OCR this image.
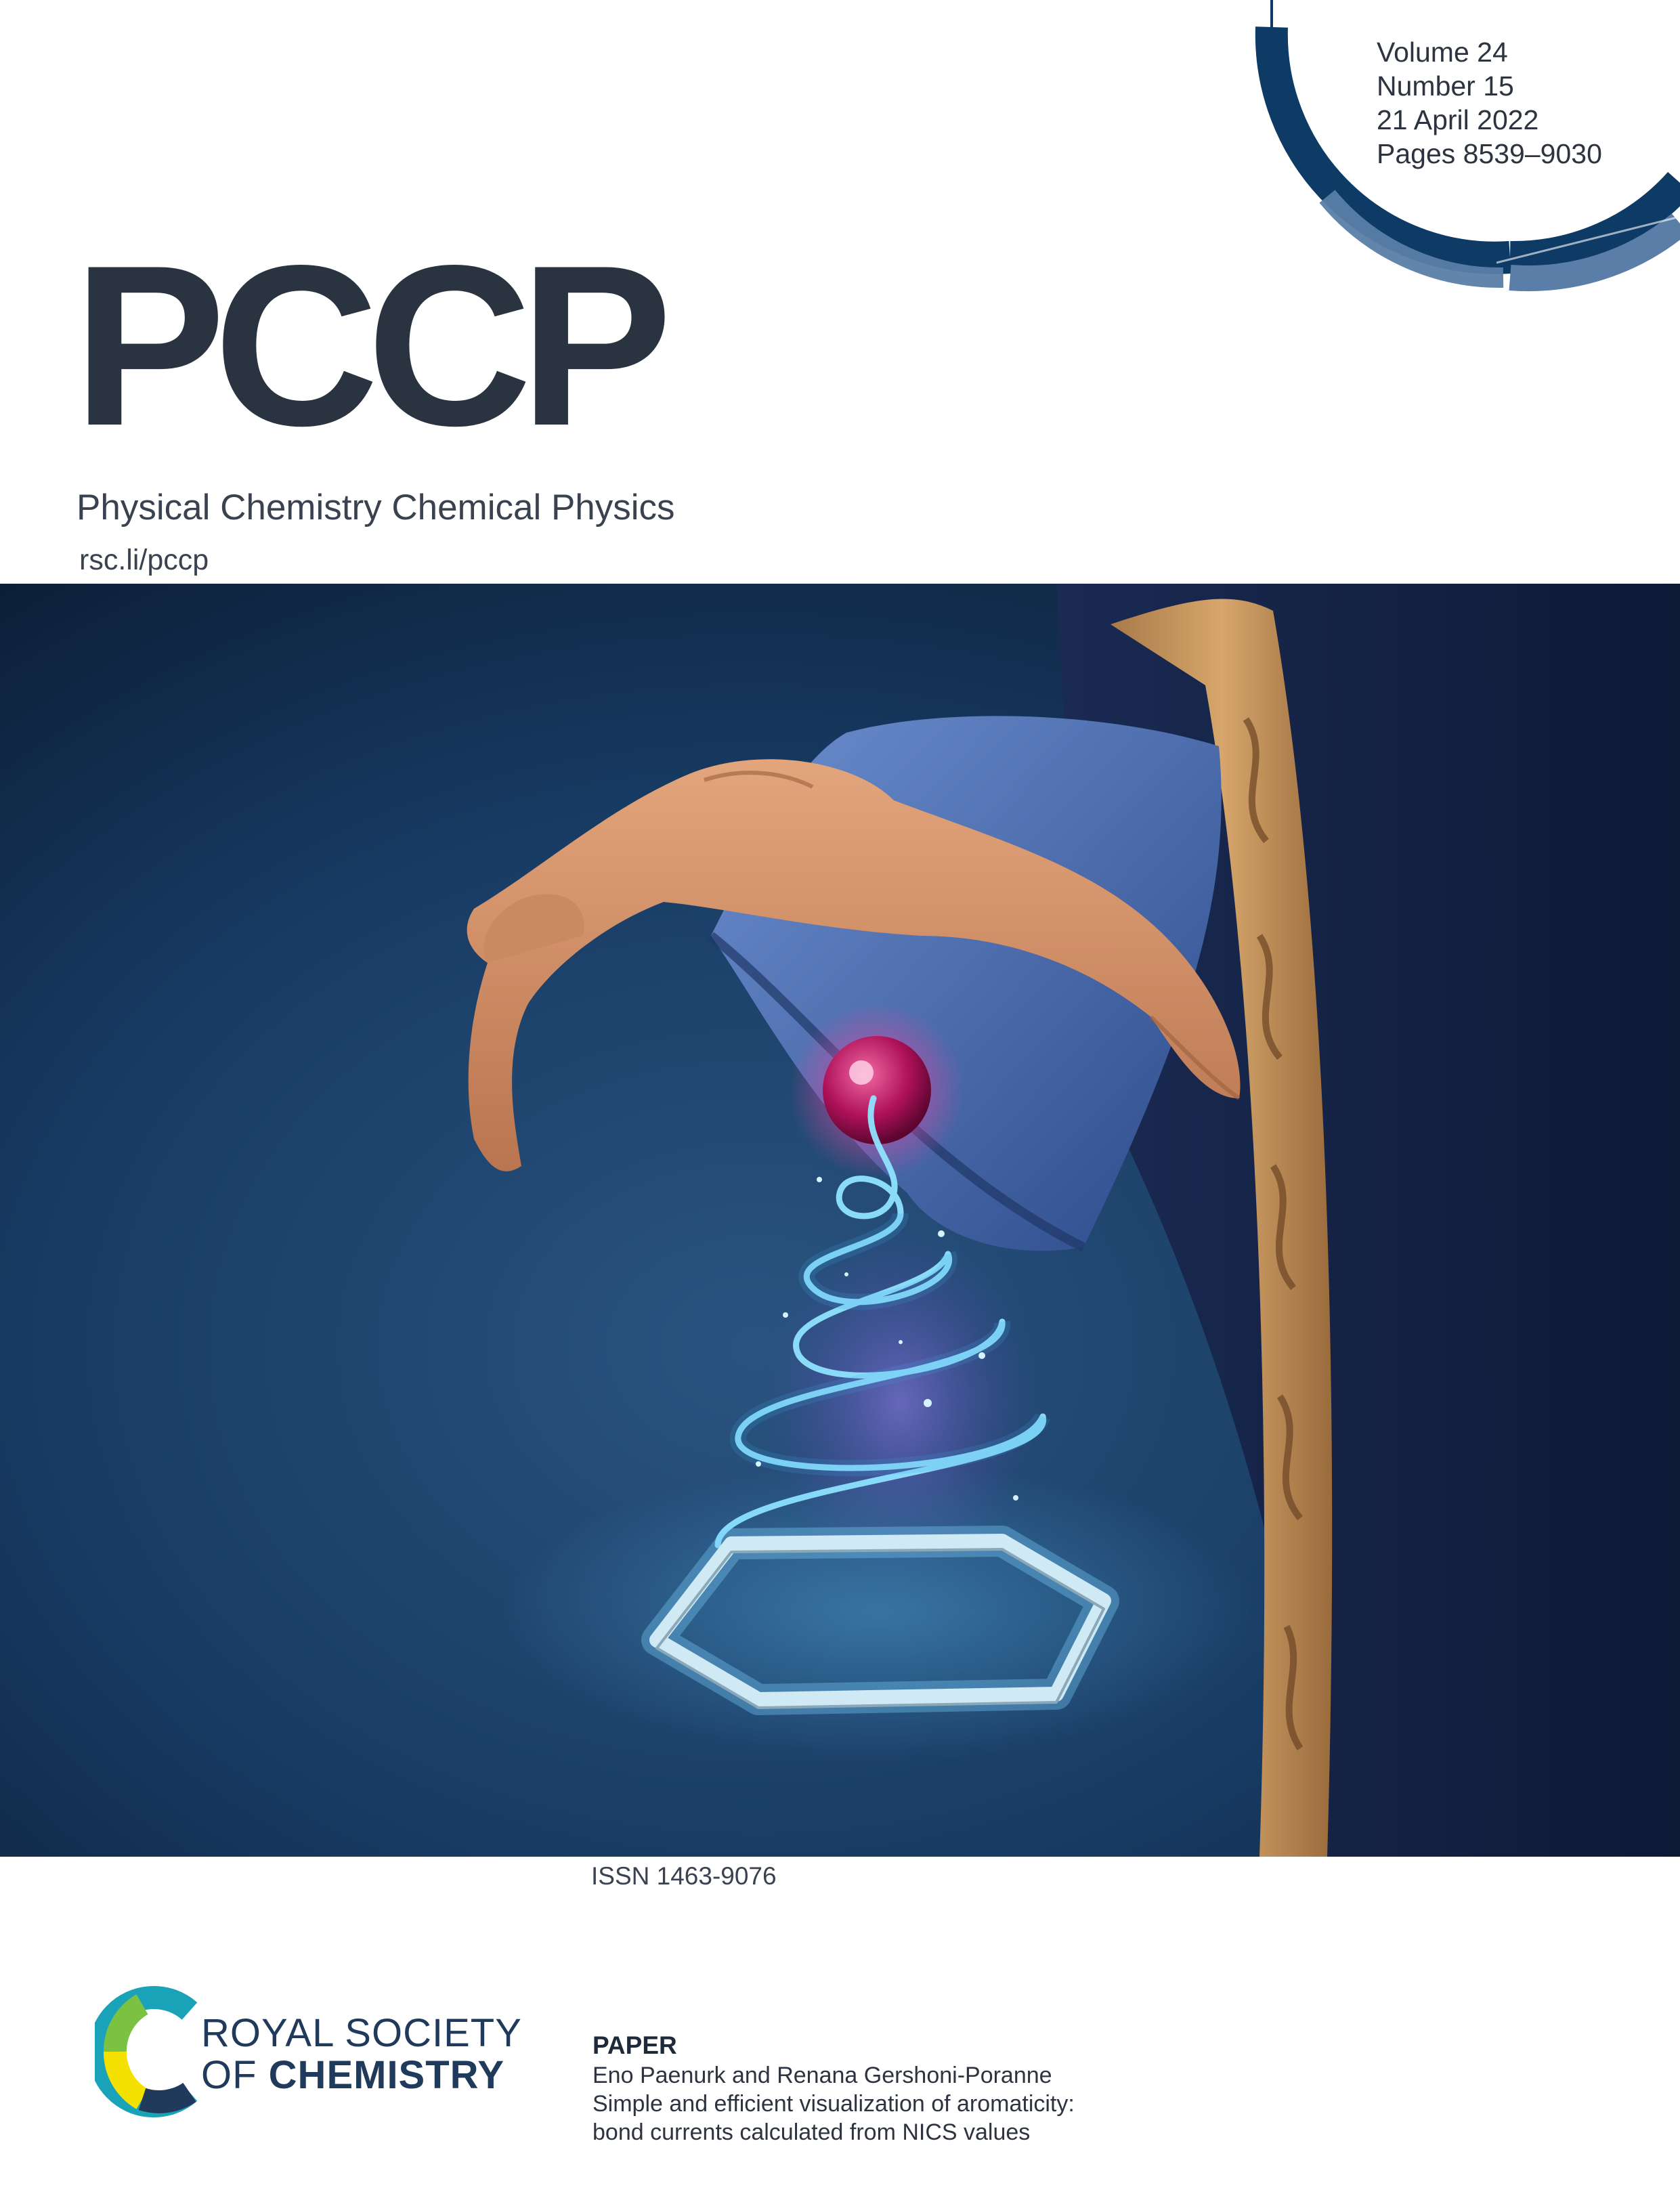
Volume 24
Number 15
21 April 2022
Pages 8539–9030
PCCP
Physical Chemistry Chemical Physics
rsc.li/pccp
ISSN 1463-9076
ROYAL SOCIETY
OF CHEMISTRY
PAPER
Eno Paenurk and Renana Gershoni-Poranne
Simple and efficient visualization of aromaticity:
bond currents calculated from NICS values
